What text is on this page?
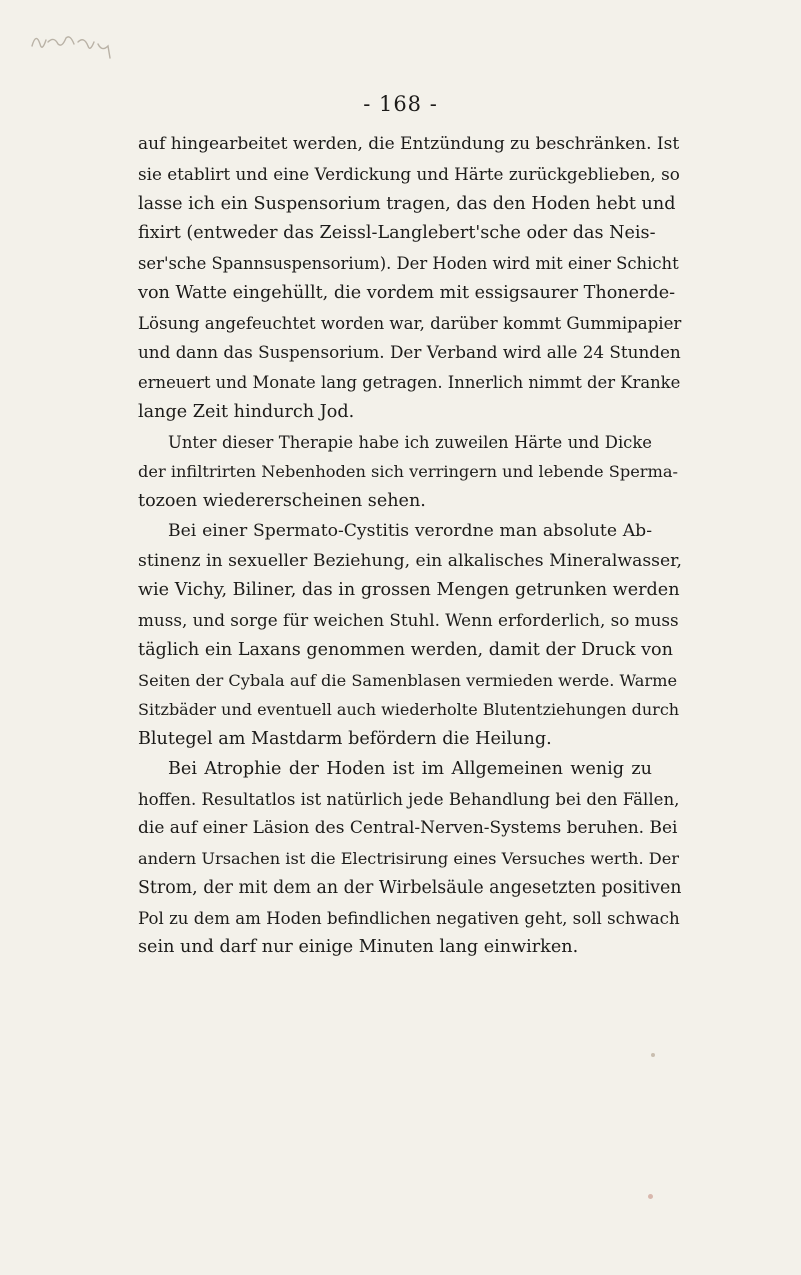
- 168 -
auf hingearbeitet werden, die Entzündung zu beschränken. Ist
sie etablirt und eine Verdickung und Härte zurückgeblieben, so
lasse ich ein Suspensorium tragen, das den Hoden hebt und
fixirt (entweder das Zeissl-Langlebert'sche oder das Neis-
ser'sche Spannsuspensorium). Der Hoden wird mit einer Schicht
von Watte eingehüllt, die vordem mit essigsaurer Thonerde-
Lösung angefeuchtet worden war, darüber kommt Gummipapier
und dann das Suspensorium. Der Verband wird alle 24 Stunden
erneuert und Monate lang getragen. Innerlich nimmt der Kranke
lange Zeit hindurch Jod.
Unter dieser Therapie habe ich zuweilen Härte und Dicke
der infiltrirten Nebenhoden sich verringern und lebende Sperma-
tozoen wiedererscheinen sehen.
Bei einer Spermato-Cystitis verordne man absolute Ab-
stinenz in sexueller Beziehung, ein alkalisches Mineralwasser,
wie Vichy, Biliner, das in grossen Mengen getrunken werden
muss, und sorge für weichen Stuhl. Wenn erforderlich, so muss
täglich ein Laxans genommen werden, damit der Druck von
Seiten der Cybala auf die Samenblasen vermieden werde. Warme
Sitzbäder und eventuell auch wiederholte Blutentziehungen durch
Blutegel am Mastdarm befördern die Heilung.
Bei Atrophie der Hoden ist im Allgemeinen wenig zu
hoffen. Resultatlos ist natürlich jede Behandlung bei den Fällen,
die auf einer Läsion des Central-Nerven-Systems beruhen. Bei
andern Ursachen ist die Electrisirung eines Versuches werth. Der
Strom, der mit dem an der Wirbelsäule angesetzten positiven
Pol zu dem am Hoden befindlichen negativen geht, soll schwach
sein und darf nur einige Minuten lang einwirken.
